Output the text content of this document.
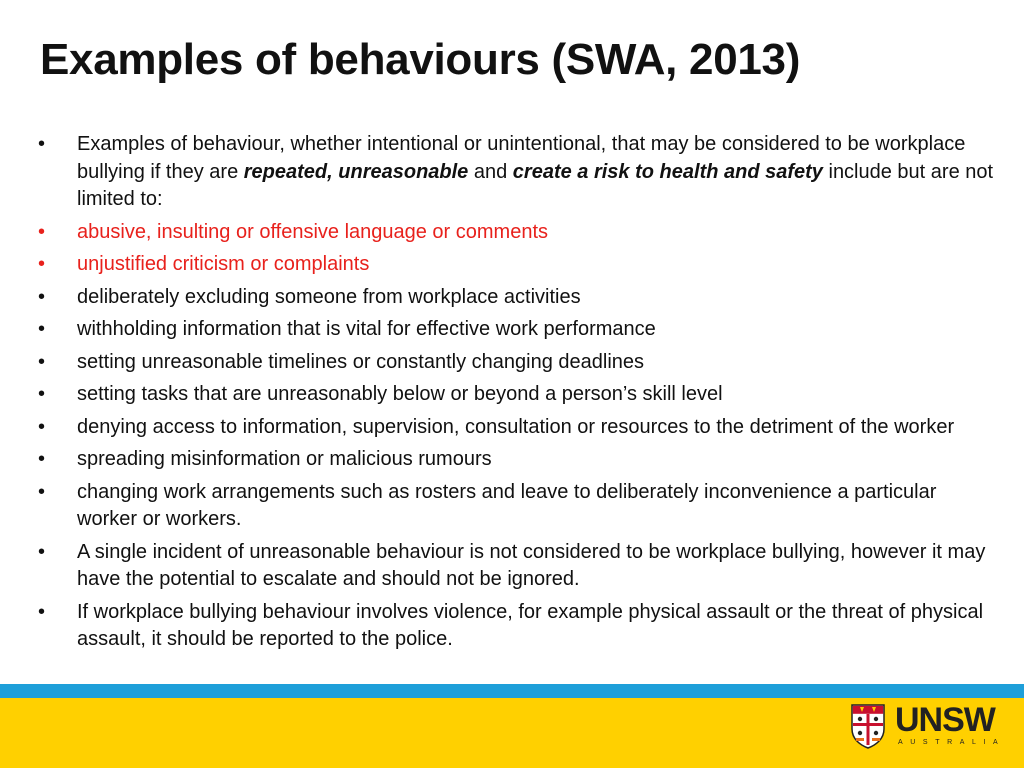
Examples of behaviours (SWA, 2013)
•	Examples of behaviour, whether intentional or unintentional, that may be considered to be workplace bullying if they are repeated, unreasonable and create a risk to health and safety include but are not limited to:
•	abusive, insulting or offensive language or comments
•	unjustified criticism or complaints
•	deliberately excluding someone from workplace activities
•	withholding information that is vital for effective work performance
•	setting unreasonable timelines or constantly changing deadlines
•	setting tasks that are unreasonably below or beyond a person’s skill level
•	denying access to information, supervision, consultation or resources to the detriment of the worker
•	spreading misinformation or malicious rumours
•	changing work arrangements such as rosters and leave to deliberately inconvenience a particular worker or workers.
•	A single incident of unreasonable behaviour is not considered to be workplace bullying, however it may have the potential to escalate and should not be ignored.
•	If workplace bullying behaviour involves violence, for example physical assault or the threat of physical assault, it should be reported to the police.
UNSW
AUSTRALIA
